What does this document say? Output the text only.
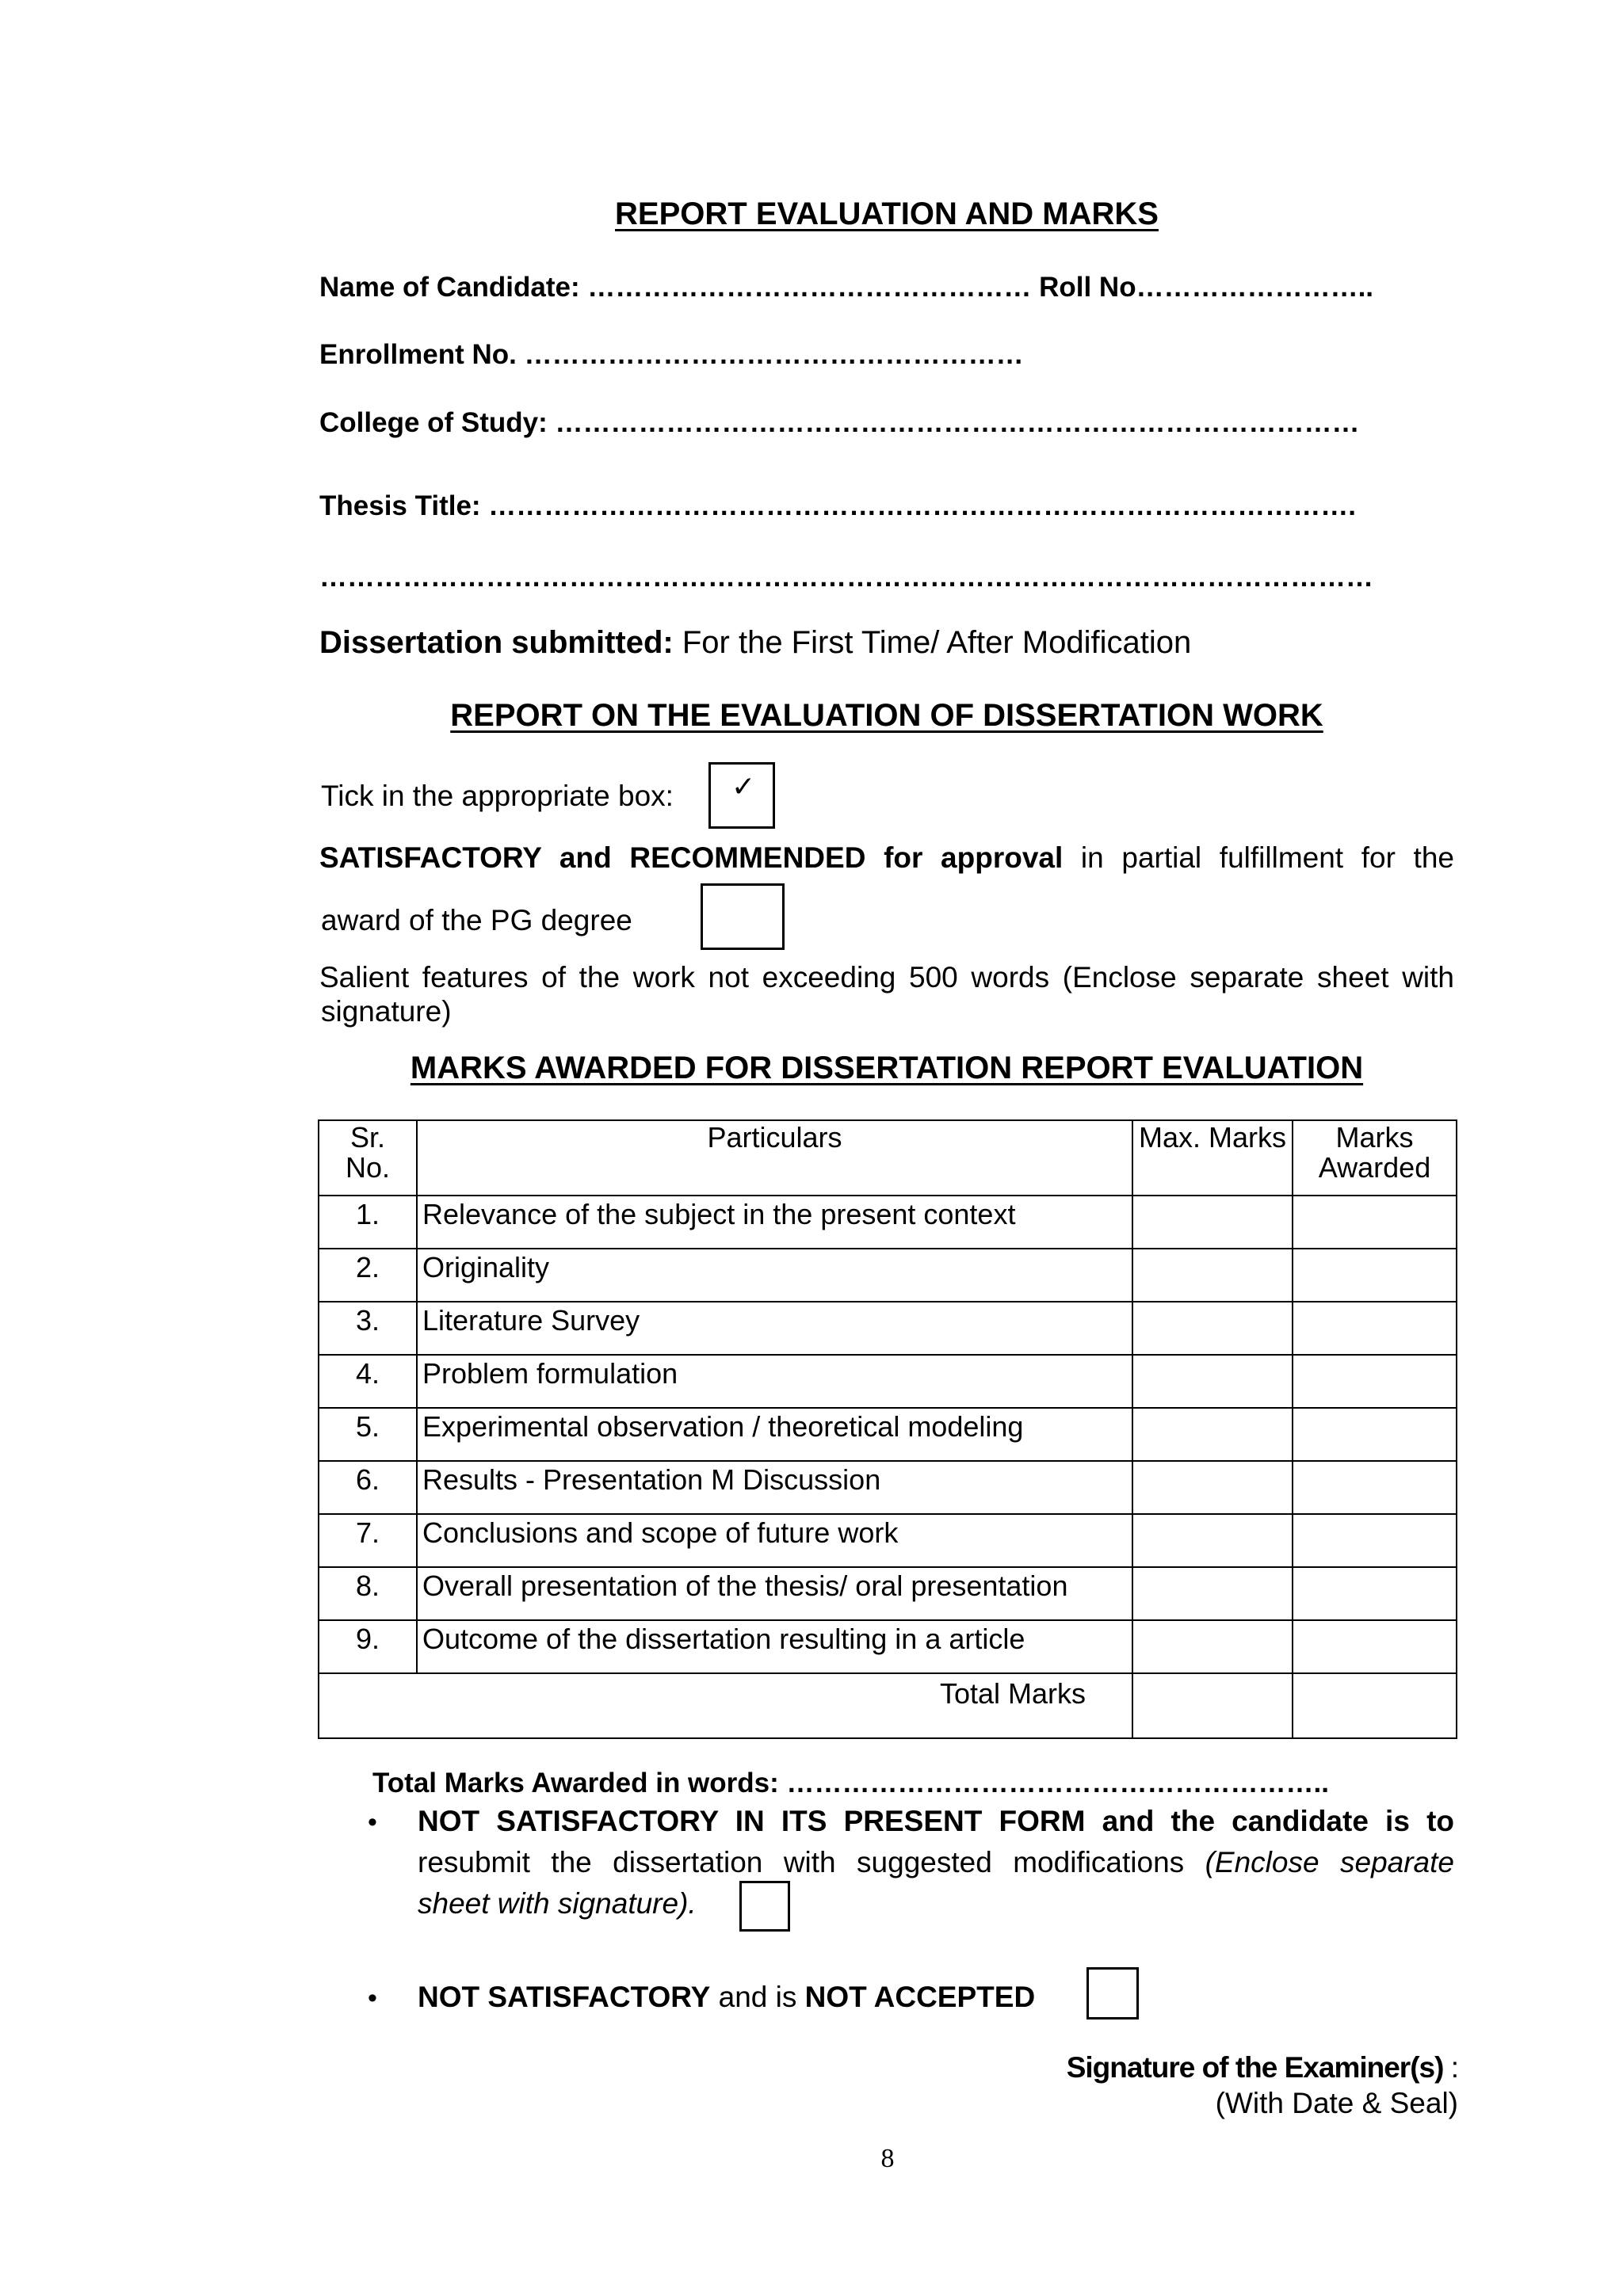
REPORT EVALUATION AND MARKS
Name of Candidate: ………………………………………… Roll No……………………..
Enrollment No. ………………………………………………
College of Study: ……………………………………………………………………………
Thesis Title: ………………………………………………………………………………….
……………………………………………………………………………………………………
Dissertation submitted: For the First Time/ After Modification
REPORT ON THE EVALUATION OF DISSERTATION WORK
Tick in the appropriate box: ✓
SATISFACTORY and RECOMMENDED for approval in partial fulfillment for the
award of the PG degree
Salient features of the work not exceeding 500 words (Enclose separate sheet with
signature)
MARKS AWARDED FOR DISSERTATION REPORT EVALUATION
Sr. No.	Particulars	Max. Marks	Marks Awarded
1.	Relevance of the subject in the present context		
2.	Originality		
3.	Literature Survey		
4.	Problem formulation		
5.	Experimental observation / theoretical modeling		
6.	Results - Presentation M Discussion		
7.	Conclusions and scope of future work		
8.	Overall presentation of the thesis/ oral presentation		
9.	Outcome of the dissertation resulting in a article		
Total Marks			
Total Marks Awarded in words: …………………………………………………..
• NOT SATISFACTORY IN ITS PRESENT FORM and the candidate is to
resubmit the dissertation with suggested modifications (Enclose separate
sheet with signature).
• NOT SATISFACTORY and is NOT ACCEPTED
Signature of the Examiner(s) :
(With Date & Seal)
8
